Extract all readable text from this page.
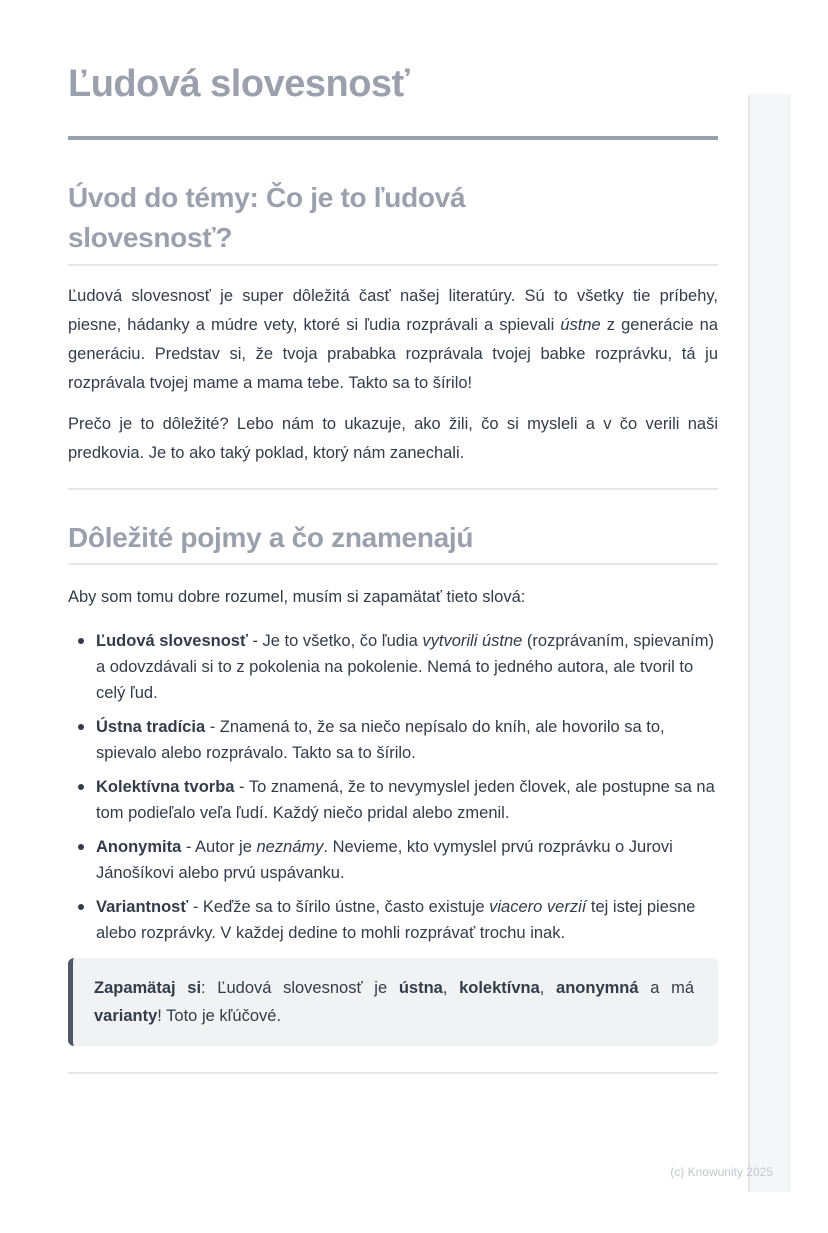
Ľudová slovesnosť
Úvod do témy: Čo je to ľudová slovesnosť?

Ľudová slovesnosť je super dôležitá časť našej literatúry. Sú to všetky tie príbehy, piesne, hádanky a múdre vety, ktoré si ľudia rozprávali a spievali ústne z generácie na generáciu. Predstav si, že tvoja prababka rozprávala tvojej babke rozprávku, tá ju rozprávala tvojej mame a mama tebe. Takto sa to šírilo!

Prečo je to dôležité? Lebo nám to ukazuje, ako žili, čo si mysleli a v čo verili naši predkovia. Je to ako taký poklad, ktorý nám zanechali.

Dôležité pojmy a čo znamenajú

Aby som tomu dobre rozumel, musím si zapamätať tieto slová:

Ľudová slovesnosť - Je to všetko, čo ľudia vytvorili ústne (rozprávaním, spievaním) a odovzdávali si to z pokolenia na pokolenie. Nemá to jedného autora, ale tvoril to celý ľud.
Ústna tradícia - Znamená to, že sa niečo nepísalo do kníh, ale hovorilo sa to, spievalo alebo rozprávalo. Takto sa to šírilo.
Kolektívna tvorba - To znamená, že to nevymyslel jeden človek, ale postupne sa na tom podieľalo veľa ľudí. Každý niečo pridal alebo zmenil.
Anonymita - Autor je neznámy. Nevieme, kto vymyslel prvú rozprávku o Jurovi Jánošíkovi alebo prvú uspávanku.
Variantnosť - Keďže sa to šírilo ústne, často existuje viacero verzií tej istej piesne alebo rozprávky. V každej dedine to mohli rozprávať trochu inak.

Zapamätaj si: Ľudová slovesnosť je ústna, kolektívna, anonymná a má varianty! Toto je kľúčové.

(c) Knowunity 2025
